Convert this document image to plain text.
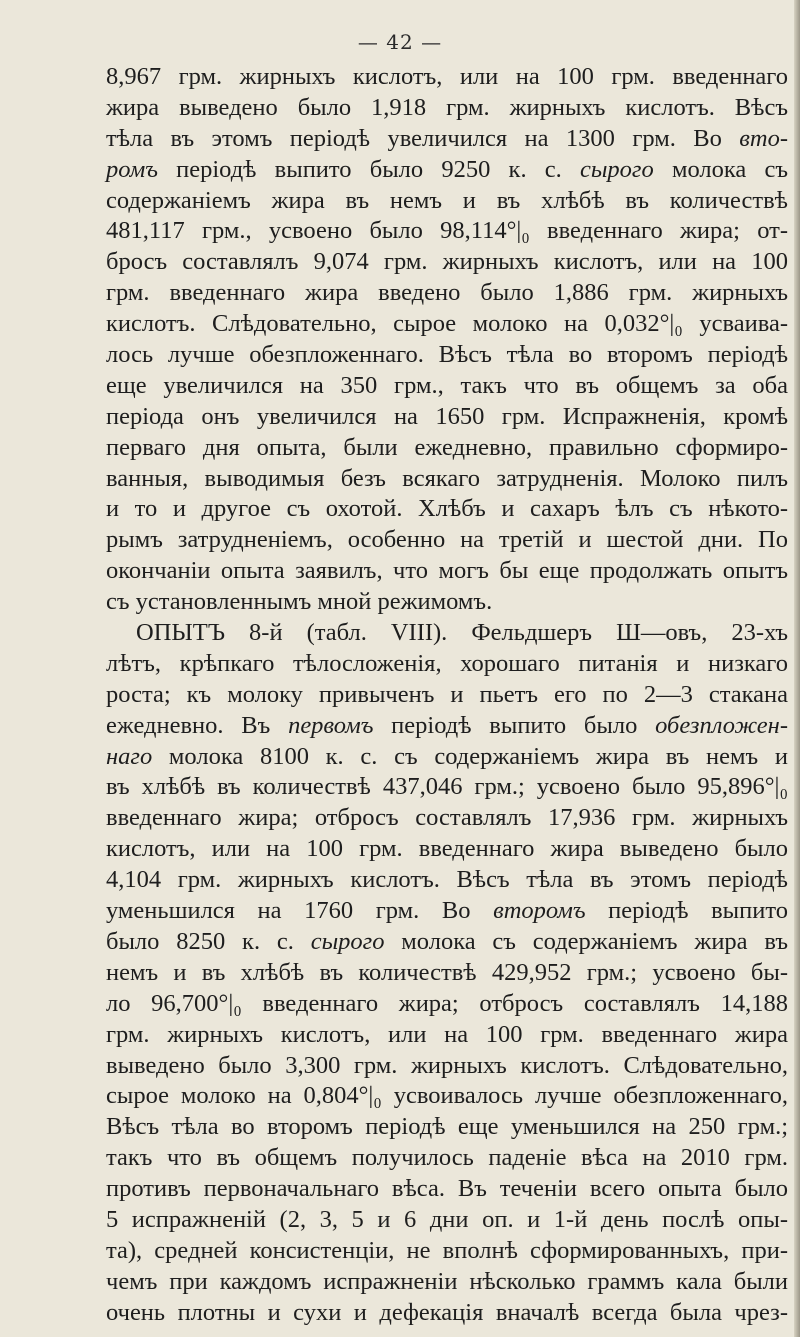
— 42 —
8,967 грм. жирныхъ кислотъ, или на 100 грм. введеннаго
жира выведено было 1,918 грм. жирныхъ кислотъ. Вѣсъ
тѣла въ этомъ періодѣ увеличился на 1300 грм. Во вто-
ромъ періодѣ выпито было 9250 к. с. сырого молока съ
содержаніемъ жира въ немъ и въ хлѣбѣ въ количествѣ
481,117 грм., усвоено было 98,114°|₀ введеннаго жира; от-
бросъ составлялъ 9,074 грм. жирныхъ кислотъ, или на 100
грм. введеннаго жира введено было 1,886 грм. жирныхъ
кислотъ. Слѣдовательно, сырое молоко на 0,032°|₀ усваива-
лось лучше обезпложеннаго. Вѣсъ тѣла во второмъ періодѣ
еще увеличился на 350 грм., такъ что въ общемъ за оба
періода онъ увеличился на 1650 грм. Испражненія, кромѣ
перваго дня опыта, были ежедневно, правильно сформиро-
ванныя, выводимыя безъ всякаго затрудненія. Молоко пилъ
и то и другое съ охотой. Хлѣбъ и сахаръ ѣлъ съ нѣкото-
рымъ затрудненіемъ, особенно на третій и шестой дни. По
окончаніи опыта заявилъ, что могъ бы еще продолжать опытъ
съ установленнымъ мной режимомъ.
ОПЫТЪ 8-й (табл. VIII). Фельдшеръ Ш—овъ, 23-хъ
лѣтъ, крѣпкаго тѣлосложенія, хорошаго питанія и низкаго
роста; къ молоку привыченъ и пьетъ его по 2—3 стакана
ежедневно. Въ первомъ періодѣ выпито было обезпложен-
наго молока 8100 к. с. съ содержаніемъ жира въ немъ и
въ хлѣбѣ въ количествѣ 437,046 грм.; усвоено было 95,896°|₀
введеннаго жира; отбросъ составлялъ 17,936 грм. жирныхъ
кислотъ, или на 100 грм. введеннаго жира выведено было
4,104 грм. жирныхъ кислотъ. Вѣсъ тѣла въ этомъ періодѣ
уменьшился на 1760 грм. Во второмъ періодѣ выпито
было 8250 к. с. сырого молока съ содержаніемъ жира въ
немъ и въ хлѣбѣ въ количествѣ 429,952 грм.; усвоено бы-
ло 96,700°|₀ введеннаго жира; отбросъ составлялъ 14,188
грм. жирныхъ кислотъ, или на 100 грм. введеннаго жира
выведено было 3,300 грм. жирныхъ кислотъ. Слѣдовательно,
сырое молоко на 0,804°|₀ усвоивалось лучше обезпложеннаго,
Вѣсъ тѣла во второмъ періодѣ еще уменьшился на 250 грм.;
такъ что въ общемъ получилось паденіе вѣса на 2010 грм.
противъ первоначальнаго вѣса. Въ теченіи всего опыта было
5 испражненій (2, 3, 5 и 6 дни оп. и 1-й день послѣ опы-
та), средней консистенціи, не вполнѣ сформированныхъ, при-
чемъ при каждомъ испражненіи нѣсколько граммъ кала были
очень плотны и сухи и дефекація вначалѣ всегда была чрез-
